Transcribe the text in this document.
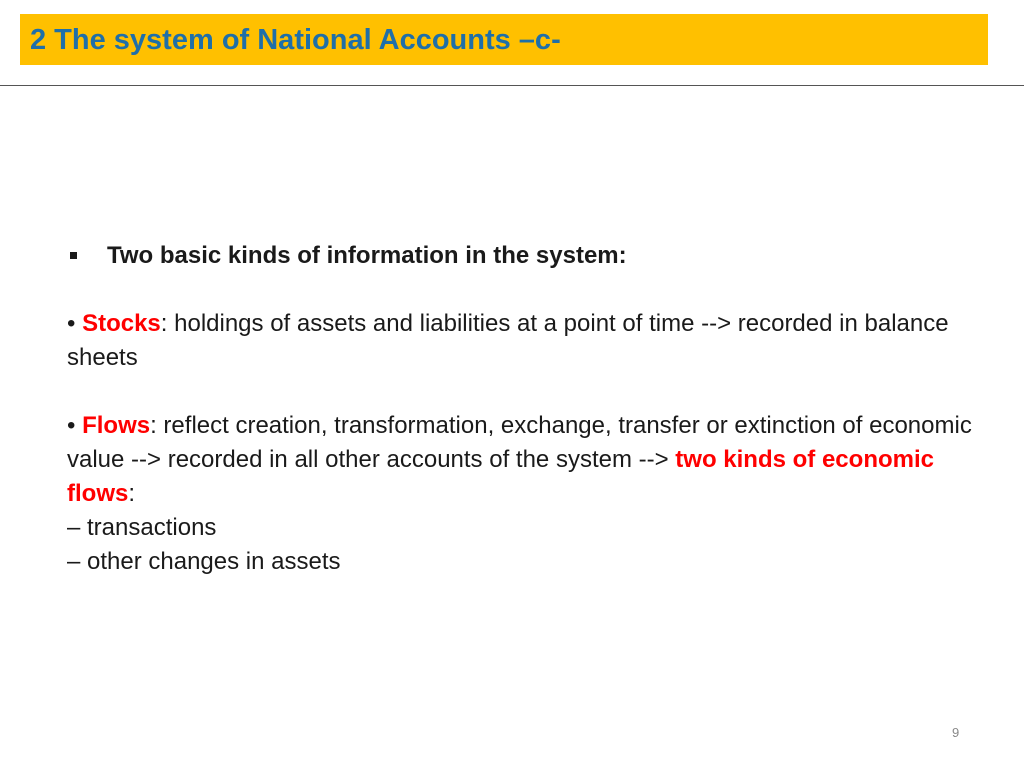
2 The system of National Accounts –c-
Two basic kinds of information in the system:

• Stocks: holdings of assets and liabilities at a point of time --> recorded in balance sheets

• Flows: reflect creation, transformation, exchange, transfer or extinction of economic value --> recorded in all other accounts of the system --> two kinds of economic flows:
– transactions
– other changes in assets

9
